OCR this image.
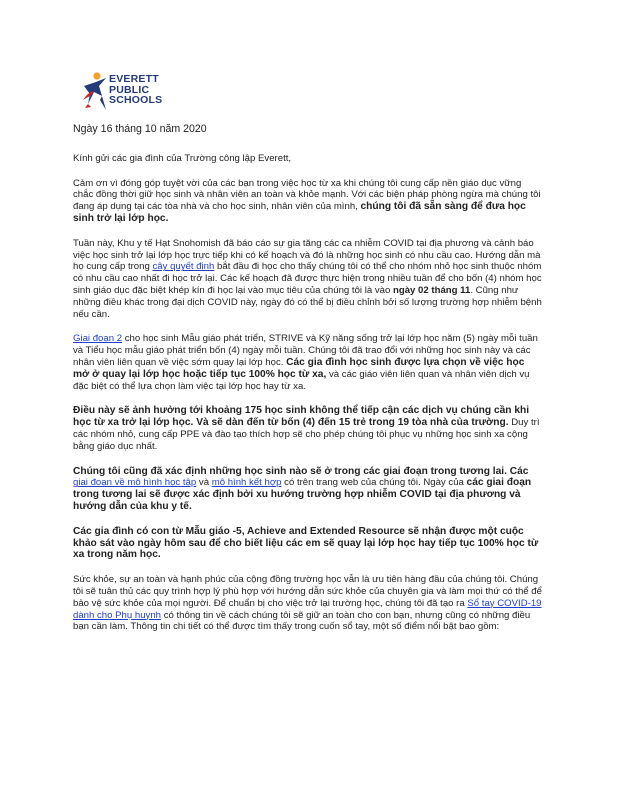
EVERETT
PUBLIC
SCHOOLS
Ngày 16 tháng 10 năm 2020

Kính gửi các gia đình của Trường công lập Everett,

Cảm ơn vì đóng góp tuyệt vời của các bạn trong việc học từ xa khi chúng tôi cung cấp nền giáo dục vững chắc đồng thời giữ học sinh và nhân viên an toàn và khỏe mạnh. Với các biện pháp phòng ngừa mà chúng tôi đang áp dụng tại các tòa nhà và cho học sinh, nhân viên của mình, chúng tôi đã sẵn sàng để đưa học sinh trở lại lớp học.

Tuần này, Khu y tế Hạt Snohomish đã báo cáo sự gia tăng các ca nhiễm COVID tại địa phương và cảnh báo việc học sinh trở lại lớp học trực tiếp khi có kế hoạch và đó là những học sinh có nhu cầu cao. Hướng dẫn mà họ cung cấp trong cây quyết định bắt đầu đi học cho thấy chúng tôi có thể cho nhóm nhỏ học sinh thuộc nhóm có nhu cầu cao nhất đi học trở lại. Các kế hoạch đã được thực hiện trong nhiều tuần để cho bốn (4) nhóm học sinh giáo dục đặc biệt khép kín đi học lại vào mục tiêu của chúng tôi là vào ngày 02 tháng 11. Cũng như những điều khác trong đại dịch COVID này, ngày đó có thể bị điều chỉnh bởi số lượng trường hợp nhiễm bệnh nếu cần.

Giai đoạn 2 cho học sinh Mẫu giáo phát triển, STRIVE và Kỹ năng sống trở lại lớp học năm (5) ngày mỗi tuần và Tiểu học mẫu giáo phát triển bốn (4) ngày mỗi tuần. Chúng tôi đã trao đổi với những học sinh này và các nhân viên liên quan về việc sớm quay lại lớp học. Các gia đình học sinh được lựa chọn về việc học mở ở quay lại lớp học hoặc tiếp tục 100% học từ xa, và các giáo viên liên quan và nhân viên dịch vụ đặc biệt có thể lựa chọn làm việc tại lớp học hay từ xa.

Điều này sẽ ảnh hưởng tới khoảng 175 học sinh không thể tiếp cận các dịch vụ chúng cần khi học từ xa trở lại lớp học. Và sẽ dàn đến từ bốn (4) đến 15 trẻ trong 19 tòa nhà của trường. Duy trì các nhóm nhỏ, cung cấp PPE và đào tạo thích hợp sẽ cho phép chúng tôi phục vụ những học sinh xa cộng bằng giáo dục nhất.

Chúng tôi cũng đã xác định những học sinh nào sẽ ở trong các giai đoạn trong tương lai. Các giai đoạn về mô hình học tập và mô hình kết hợp có trên trang web của chúng tôi. Ngày của các giai đoạn trong tương lai sẽ được xác định bởi xu hướng trường hợp nhiễm COVID tại địa phương và hướng dẫn của khu y tế.

Các gia đình có con từ Mẫu giáo -5, Achieve and Extended Resource sẽ nhận được một cuộc khảo sát vào ngày hôm sau để cho biết liệu các em sẽ quay lại lớp học hay tiếp tục 100% học từ xa trong năm học.

Sức khỏe, sự an toàn và hạnh phúc của cộng đồng trường học vẫn là ưu tiên hàng đầu của chúng tôi. Chúng tôi sẽ tuân thủ các quy trình hợp lý phù hợp với hướng dẫn sức khỏe của chuyên gia và làm mọi thứ có thể để bảo vệ sức khỏe của mọi người. Để chuẩn bị cho việc trở lại trường học, chúng tôi đã tạo ra Sổ tay COVID-19 dành cho Phụ huynh có thông tin về cách chúng tôi sẽ giữ an toàn cho con bạn, nhưng cũng có những điều bạn cần làm. Thông tin chi tiết có thể được tìm thấy trong cuốn sổ tay, một số điểm nổi bật bao gồm:
